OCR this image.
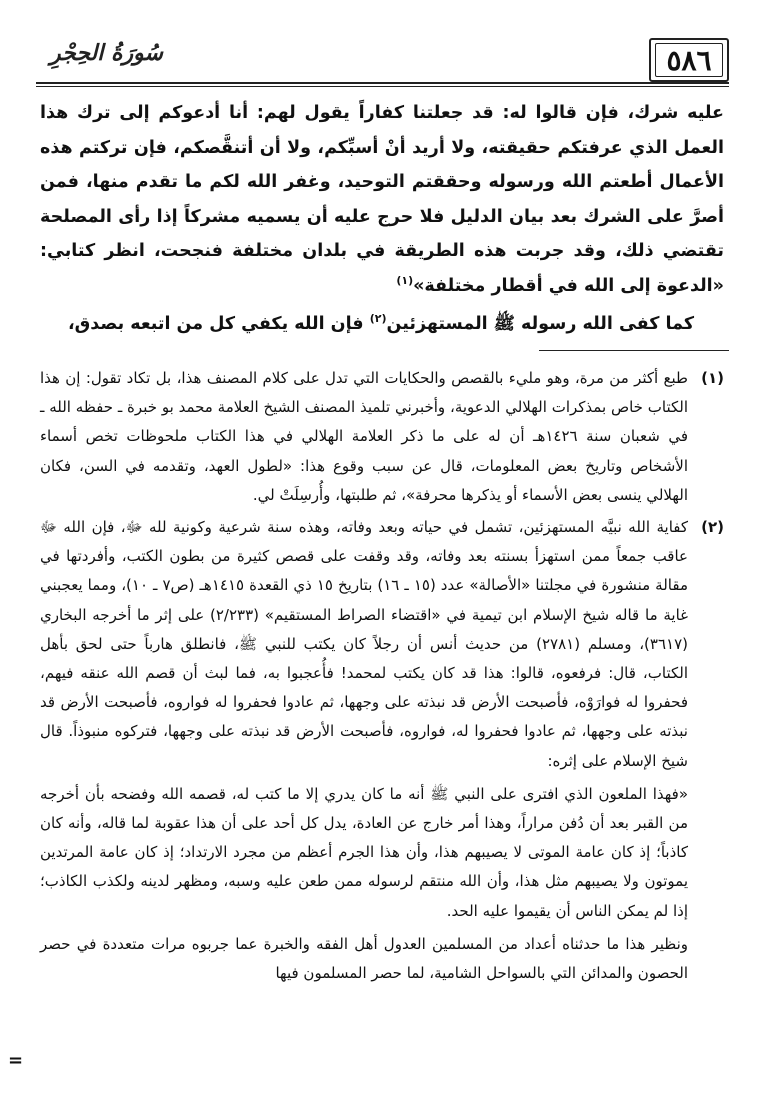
٥٨٦
سُورَةُ الحِجْرِ

عليه شرك، فإن قالوا له: قد جعلتنا كفاراً يقول لهم: أنا أدعوكم إلى ترك هذا العمل الذي عرفتكم حقيقته، ولا أريد أنْ أسبِّكم، ولا أن أتنقَّصكم، فإن تركتم هذه الأعمال أطعتم الله ورسوله وحققتم التوحيد، وغفر الله لكم ما تقدم منها، فمن أصرَّ على الشرك بعد بيان الدليل فلا حرج عليه أن يسميه مشركاً إذا رأى المصلحة تقتضي ذلك، وقد جربت هذه الطريقة في بلدان مختلفة فنجحت، انظر كتابي: «الدعوة إلى الله في أقطار مختلفة»$^{(١)}$

كما كفى الله رسوله ﷺ المستهزئين$^{(٢)}$ فإن الله يكفي كل من اتبعه بصدق،

(١)
طبع أكثر من مرة، وهو مليء بالقصص والحكايات التي تدل على كلام المصنف هذا، بل تكاد تقول: إن هذا الكتاب خاص بمذكرات الهلالي الدعوية، وأخبرني تلميذ المصنف الشيخ العلامة محمد بو خبرة ـ حفظه الله ـ في شعبان سنة ١٤٢٦هـ أن له على ما ذكر العلامة الهلالي في هذا الكتاب ملحوظات تخص أسماء الأشخاص وتاريخ بعض المعلومات، قال عن سبب وقوع هذا: «لطول العهد، وتقدمه في السن، فكان الهلالي ينسى بعض الأسماء أو يذكرها محرفة»، ثم طلبتها، وأُرسِلَتْ لي.
(٢)
كفاية الله نبيَّه المستهزئين، تشمل في حياته وبعد وفاته، وهذه سنة شرعية وكونية لله ﷻ، فإن الله ﷻ عاقب جمعاً ممن استهزأ بسنته بعد وفاته، وقد وقفت على قصص كثيرة من بطون الكتب، وأفردتها في مقالة منشورة في مجلتنا «الأصالة» عدد (١٥ ـ ١٦) بتاريخ ١٥ ذي القعدة ١٤١٥هـ (ص٧ ـ ١٠)، ومما يعجبني غاية ما قاله شيخ الإسلام ابن تيمية في «اقتضاء الصراط المستقيم» (٢/٢٣٣) على إثر ما أخرجه البخاري (٣٦١٧)، ومسلم (٢٧٨١) من حديث أنس أن رجلاً كان يكتب للنبي ﷺ، فانطلق هارباً حتى لحق بأهل الكتاب، قال: فرفعوه، قالوا: هذا قد كان يكتب لمحمد! فأُعجبوا به، فما لبث أن قصم الله عنقه فيهم، فحفروا له فوارَوْه، فأصبحت الأرض قد نبذته على وجهها، ثم عادوا فحفروا له فواروه، فأصبحت الأرض قد نبذته على وجهها، ثم عادوا فحفروا له، فواروه، فأصبحت الأرض قد نبذته على وجهها، فتركوه منبوذاً. قال شيخ الإسلام على إثره:
«فهذا الملعون الذي افترى على النبي ﷺ أنه ما كان يدري إلا ما كتب له، قصمه الله وفضحه بأن أخرجه من القبر بعد أن دُفن مراراً، وهذا أمر خارج عن العادة، يدل كل أحد على أن هذا عقوبة لما قاله، وأنه كان كاذباً؛ إذ كان عامة الموتى لا يصيبهم هذا، وأن هذا الجرم أعظم من مجرد الارتداد؛ إذ كان عامة المرتدين يموتون ولا يصيبهم مثل هذا، وأن الله منتقم لرسوله ممن طعن عليه وسبه، ومظهر لدينه ولكذب الكاذب؛ إذا لم يمكن الناس أن يقيموا عليه الحد.
ونظير هذا ما حدثناه أعداد من المسلمين العدول أهل الفقه والخبرة عما جربوه مرات متعددة في حصر الحصون والمدائن التي بالسواحل الشامية، لما حصر المسلمون فيها
=
